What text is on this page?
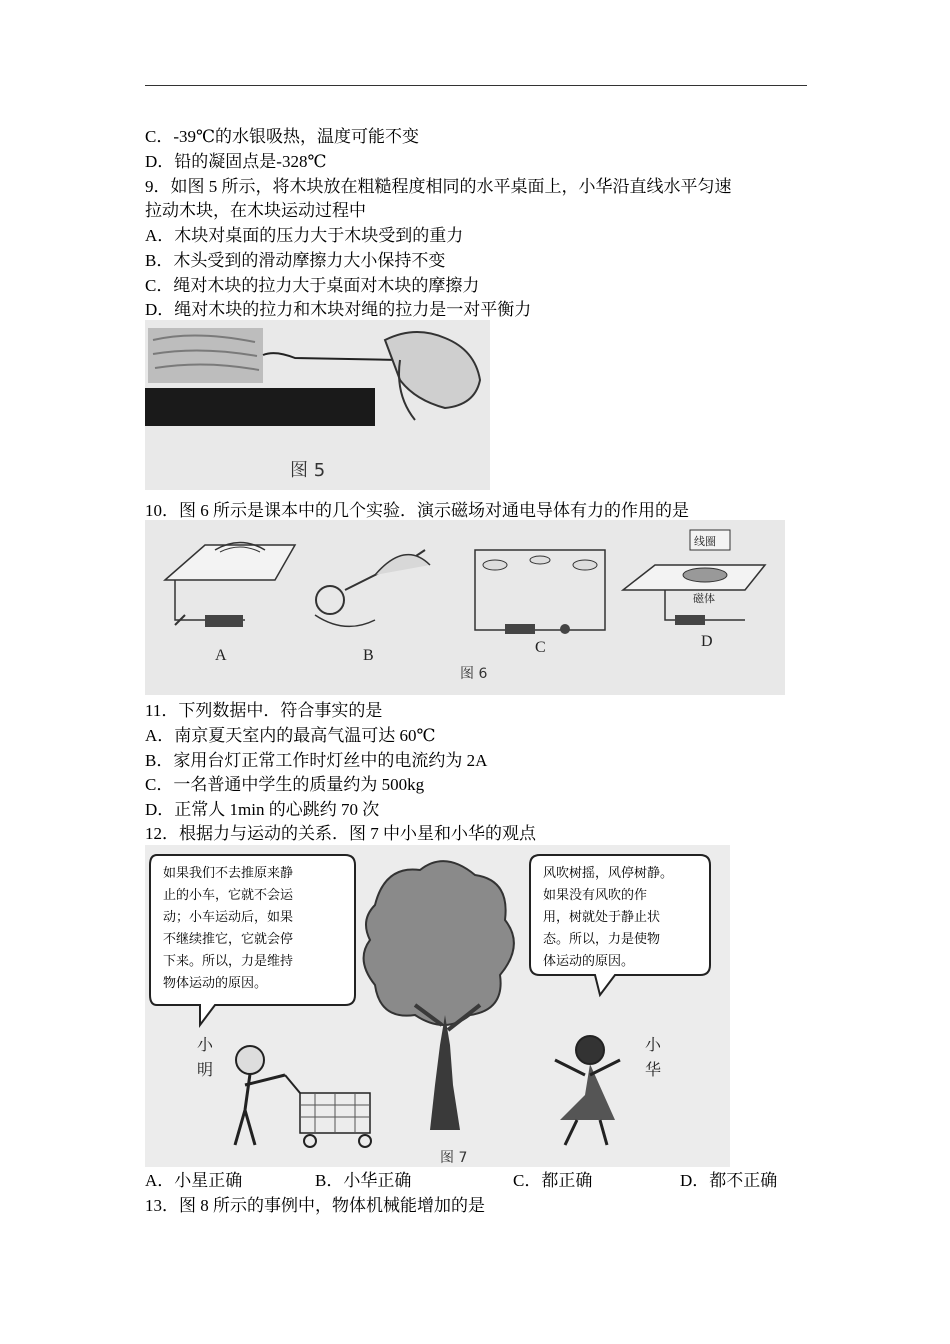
C．-39℃的水银吸热，温度可能不变
D．铅的凝固点是-328℃
9．如图 5 所示，将木块放在粗糙程度相同的水平桌面上，小华沿直线水平匀速
拉动木块，在木块运动过程中
A．木块对桌面的压力大于木块受到的重力
B．木头受到的滑动摩擦力大小保持不变
C．绳对木块的拉力大于桌面对木块的摩擦力
D．绳对木块的拉力和木块对绳的拉力是一对平衡力
图 5
10．图 6 所示是课本中的几个实验．演示磁场对通电导体有力的作用的是
A	B	C
线圈
磁体
D
图 6
11．下列数据中．符合事实的是
A．南京夏天室内的最高气温可达 60℃
B．家用台灯正常工作时灯丝中的电流约为 2A
C．一名普通中学生的质量约为 500kg
D．正常人 1min 的心跳约 70 次
12．根据力与运动的关系．图 7 中小星和小华的观点
如果我们不去推原来静
止的小车，它就不会运
动；小车运动后，如果
不继续推它，它就会停
下来。所以，力是维持
物体运动的原因。
风吹树摇，风停树静。
如果没有风吹的作
用，树就处于静止状
态。所以，力是使物
体运动的原因。
小
明
小
华
图 7
A．小星正确	B．小华正确	C．都正确	D．都不正确
13．图 8 所示的事例中，物体机械能增加的是
